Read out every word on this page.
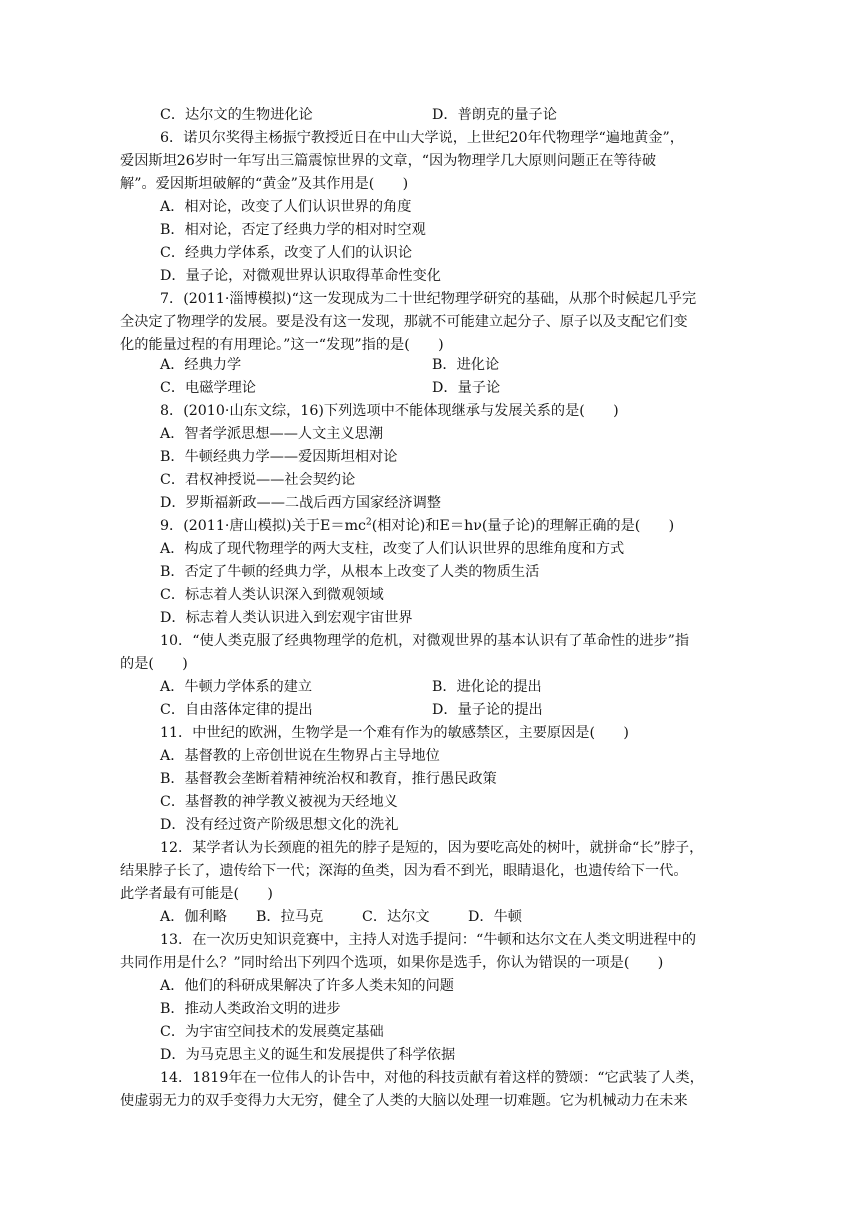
C．达尔文的生物进化论	D．普朗克的量子论
6．诺贝尔奖得主杨振宁教授近日在中山大学说，上世纪20年代物理学“遍地黄金”，
爱因斯坦26岁时一年写出三篇震惊世界的文章，“因为物理学几大原则问题正在等待破
解”。爱因斯坦破解的“黄金”及其作用是(　　)
A．相对论，改变了人们认识世界的角度
B．相对论，否定了经典力学的相对时空观
C．经典力学体系，改变了人们的认识论
D．量子论，对微观世界认识取得革命性变化
7．(2011·淄博模拟)“这一发现成为二十世纪物理学研究的基础，从那个时候起几乎完
全决定了物理学的发展。要是没有这一发现，那就不可能建立起分子、原子以及支配它们变
化的能量过程的有用理论。”这一“发现”指的是(　　)
A．经典力学	B．进化论
C．电磁学理论	D．量子论
8．(2010·山东文综，16)下列选项中不能体现继承与发展关系的是(　　)
A．智者学派思想——人文主义思潮
B．牛顿经典力学——爱因斯坦相对论
C．君权神授说——社会契约论
D．罗斯福新政——二战后西方国家经济调整
9．(2011·唐山模拟)关于$E=mc^2$(相对论)和E＝hν(量子论)的理解正确的是(　　)
A．构成了现代物理学的两大支柱，改变了人们认识世界的思维角度和方式
B．否定了牛顿的经典力学，从根本上改变了人类的物质生活
C．标志着人类认识深入到微观领域
D．标志着人类认识进入到宏观宇宙世界
10．“使人类克服了经典物理学的危机，对微观世界的基本认识有了革命性的进步”指
的是(　　)
A．牛顿力学体系的建立	B．进化论的提出
C．自由落体定律的提出	D．量子论的提出
11．中世纪的欧洲，生物学是一个难有作为的敏感禁区，主要原因是(　　)
A．基督教的上帝创世说在生物界占主导地位
B．基督教会垄断着精神统治权和教育，推行愚民政策
C．基督教的神学教义被视为天经地义
D．没有经过资产阶级思想文化的洗礼
12．某学者认为长颈鹿的祖先的脖子是短的，因为要吃高处的树叶，就拼命“长”脖子，
结果脖子长了，遗传给下一代；深海的鱼类，因为看不到光，眼睛退化，也遗传给下一代。
此学者最有可能是(　　)
A．伽利略 B．拉马克	C．达尔文	D．牛顿
13．在一次历史知识竞赛中，主持人对选手提问：“牛顿和达尔文在人类文明进程中的
共同作用是什么？”同时给出下列四个选项，如果你是选手，你认为错误的一项是(　　)
A．他们的科研成果解决了许多人类未知的问题
B．推动人类政治文明的进步
C．为宇宙空间技术的发展奠定基础
D．为马克思主义的诞生和发展提供了科学依据
14．1819年在一位伟人的讣告中，对他的科技贡献有着这样的赞颂：“它武装了人类，
使虚弱无力的双手变得力大无穷，健全了人类的大脑以处理一切难题。它为机械动力在未来
